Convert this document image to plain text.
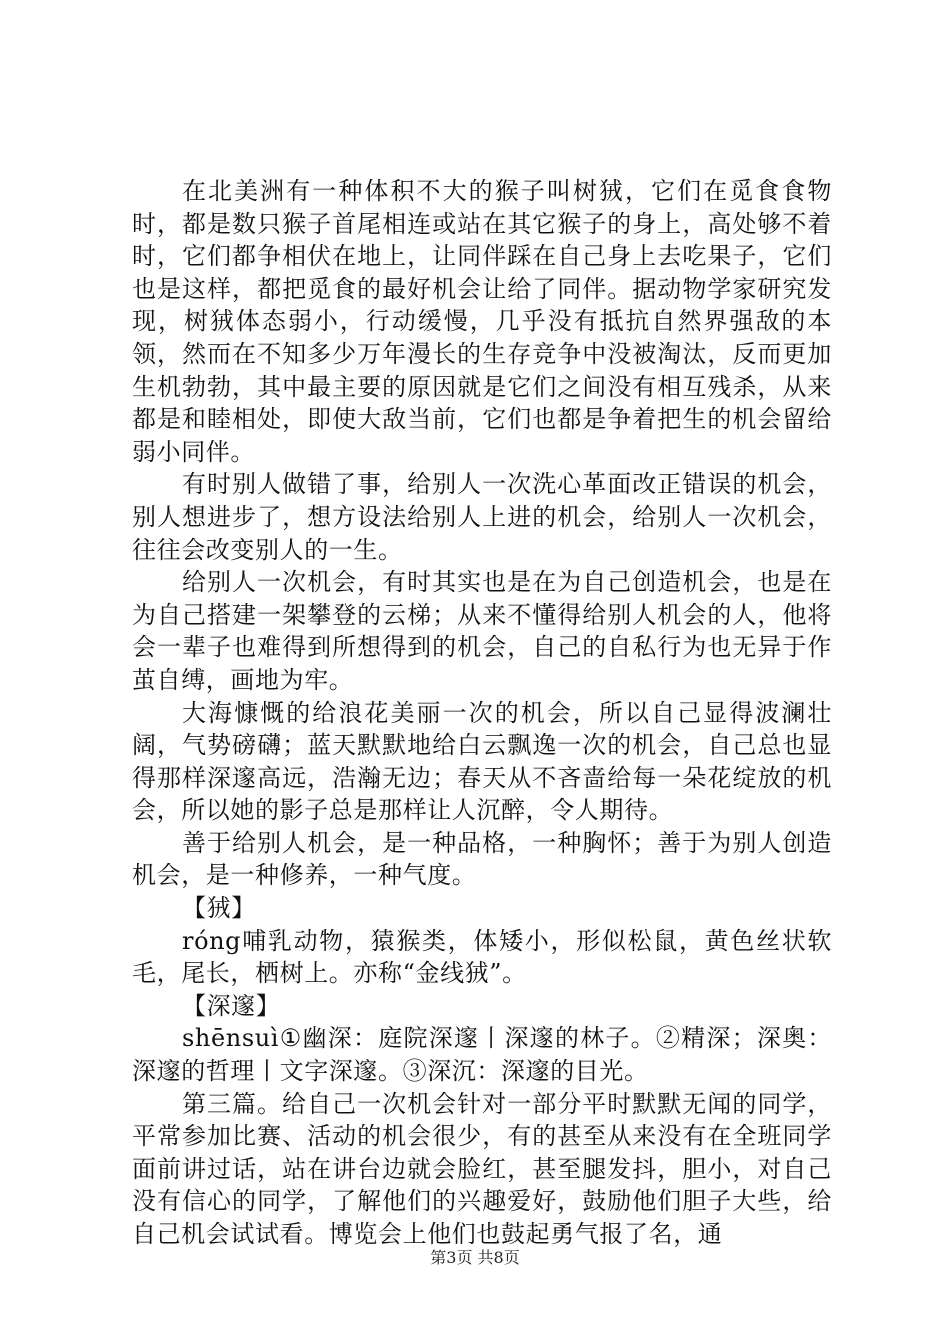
在北美洲有一种体积不大的猴子叫树狨，它们在觅食食物时，都是数只猴子首尾相连或站在其它猴子的身上，高处够不着时，它们都争相伏在地上，让同伴踩在自己身上去吃果子，它们也是这样，都把觅食的最好机会让给了同伴。据动物学家研究发现，树狨体态弱小，行动缓慢，几乎没有抵抗自然界强敌的本领，然而在不知多少万年漫长的生存竞争中没被淘汰，反而更加生机勃勃，其中最主要的原因就是它们之间没有相互残杀，从来都是和睦相处，即使大敌当前，它们也都是争着把生的机会留给弱小同伴。

有时别人做错了事，给别人一次洗心革面改正错误的机会，别人想进步了，想方设法给别人上进的机会，给别人一次机会，往往会改变别人的一生。

给别人一次机会，有时其实也是在为自己创造机会，也是在为自己搭建一架攀登的云梯；从来不懂得给别人机会的人，他将会一辈子也难得到所想得到的机会，自己的自私行为也无异于作茧自缚，画地为牢。

大海慷慨的给浪花美丽一次的机会，所以自己显得波澜壮阔，气势磅礴；蓝天默默地给白云飘逸一次的机会，自己总也显得那样深邃高远，浩瀚无边；春天从不吝啬给每一朵花绽放的机会，所以她的影子总是那样让人沉醉，令人期待。

善于给别人机会，是一种品格，一种胸怀；善于为别人创造机会，是一种修养，一种气度。

【狨】

róng哺乳动物，猿猴类，体矮小，形似松鼠，黄色丝状软毛，尾长，栖树上。亦称“金线狨”。

【深邃】

shēnsuì①幽深：庭院深邃丨深邃的林子。②精深；深奥：深邃的哲理丨文字深邃。③深沉：深邃的目光。

第三篇。给自己一次机会针对一部分平时默默无闻的同学，平常参加比赛、活动的机会很少，有的甚至从来没有在全班同学面前讲过话，站在讲台边就会脸红，甚至腿发抖，胆小，对自己没有信心的同学，了解他们的兴趣爱好，鼓励他们胆子大些，给自己机会试试看。博览会上他们也鼓起勇气报了名，通

第3页 共8页
